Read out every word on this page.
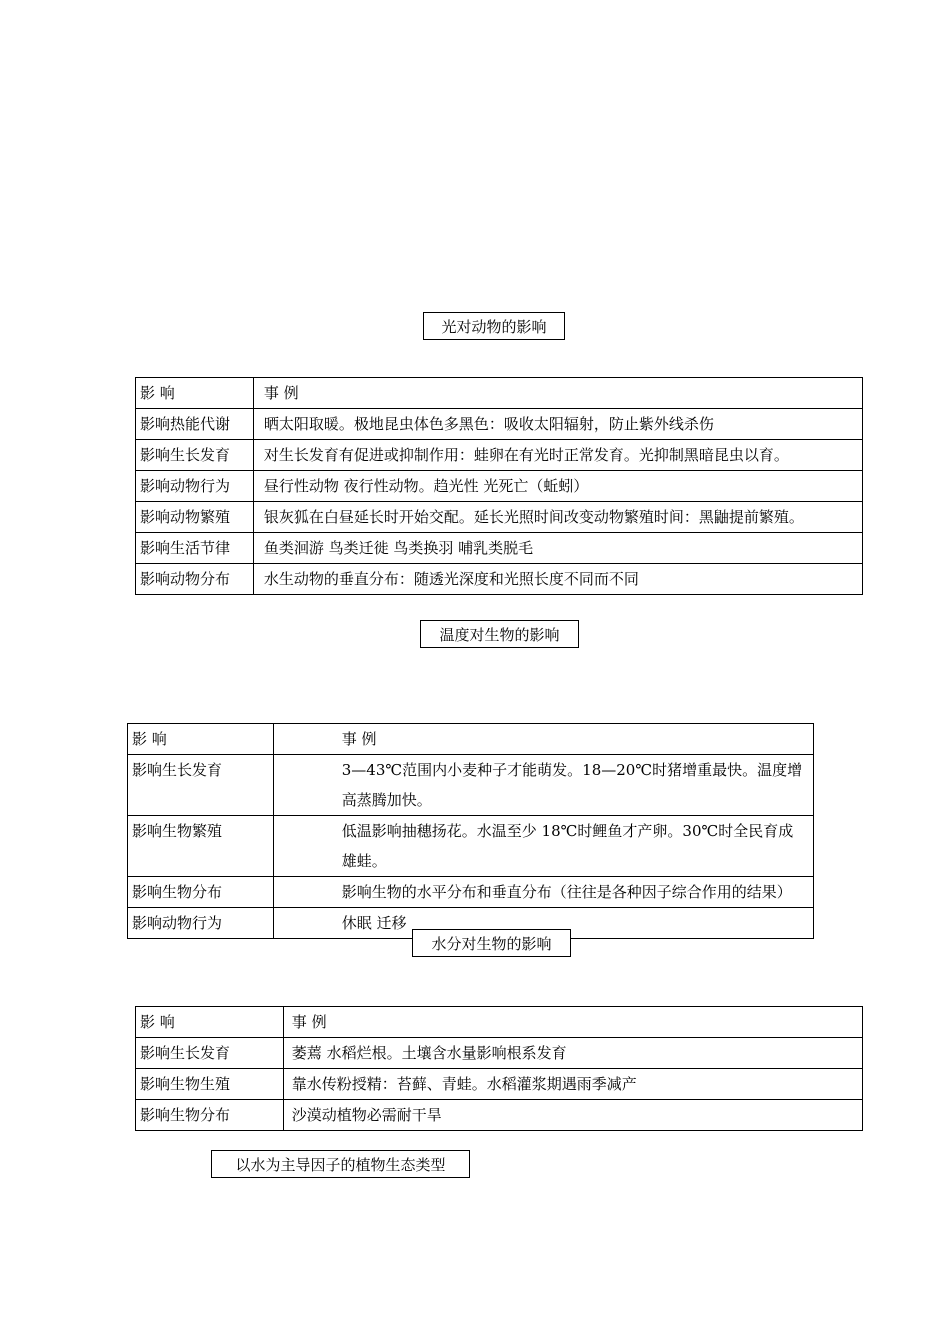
光对动物的影响
影 响	事 例
影响热能代谢	晒太阳取暖。极地昆虫体色多黑色：吸收太阳辐射，防止紫外线杀伤
影响生长发育	对生长发育有促进或抑制作用：蛙卵在有光时正常发育。光抑制黑暗昆虫以育。
影响动物行为	昼行性动物 夜行性动物。趋光性 光死亡（蚯蚓）
影响动物繁殖	银灰狐在白昼延长时开始交配。延长光照时间改变动物繁殖时间：黑鼬提前繁殖。
影响生活节律	鱼类洄游 鸟类迁徙 鸟类换羽 哺乳类脱毛
影响动物分布	水生动物的垂直分布：随透光深度和光照长度不同而不同
温度对生物的影响
影 响	事 例
影响生长发育	3—43℃范围内小麦种子才能萌发。18—20℃时猪增重最快。温度增高蒸腾加快。
影响生物繁殖	低温影响抽穗扬花。水温至少 18℃时鲤鱼才产卵。30℃时全民育成雄蛙。
影响生物分布	影响生物的水平分布和垂直分布（往往是各种因子综合作用的结果）
影响动物行为	休眠 迁移
水分对生物的影响
影 响	事 例
影响生长发育	萎蔫 水稻烂根。土壤含水量影响根系发育
影响生物生殖	靠水传粉授精：苔藓、青蛙。水稻灌浆期遇雨季减产
影响生物分布	沙漠动植物必需耐干旱
以水为主导因子的植物生态类型
